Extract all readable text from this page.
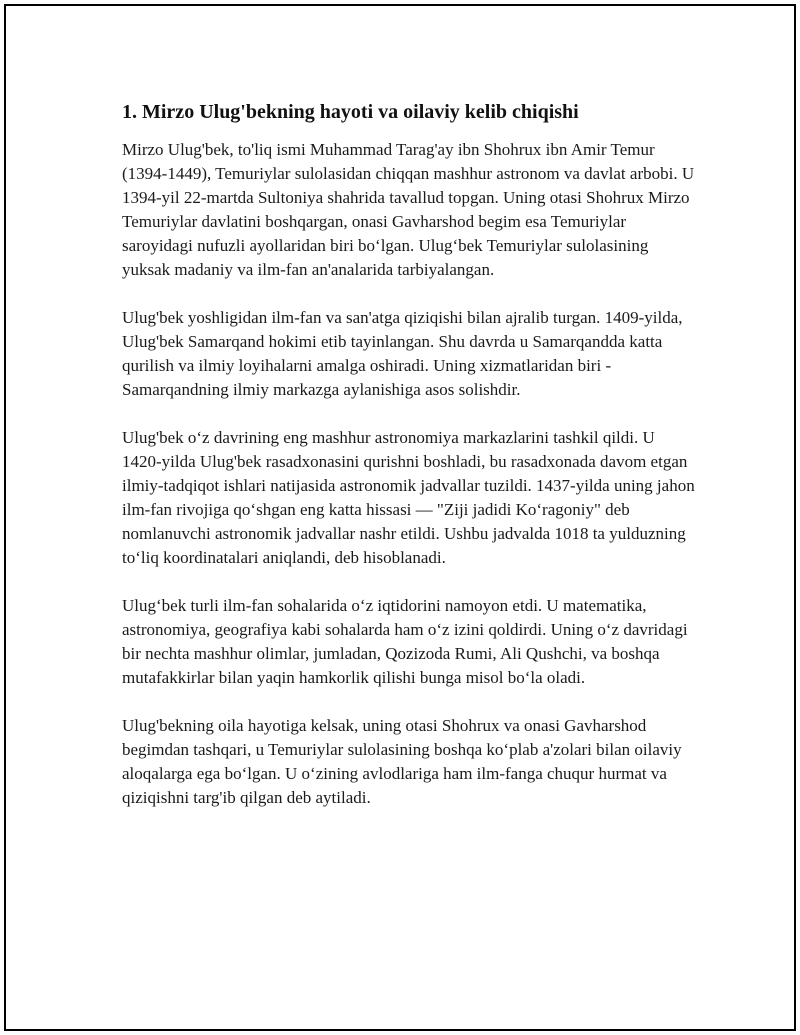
1. Mirzo Ulug'bekning hayoti va oilaviy kelib chiqishi

Mirzo Ulug'bek, to'liq ismi Muhammad Tarag'ay ibn Shohrux ibn Amir Temur (1394-1449), Temuriylar sulolasidan chiqqan mashhur astronom va davlat arbobi. U 1394-yil 22-martda Sultoniya shahrida tavallud topgan. Uning otasi Shohrux Mirzo Temuriylar davlatini boshqargan, onasi Gavharshod begim esa Temuriylar saroyidagi nufuzli ayollaridan biri bo‘lgan. Ulug‘bek Temuriylar sulolasining yuksak madaniy va ilm-fan an'analarida tarbiyalangan.

Ulug'bek yoshligidan ilm-fan va san'atga qiziqishi bilan ajralib turgan. 1409-yilda, Ulug'bek Samarqand hokimi etib tayinlangan. Shu davrda u Samarqandda katta qurilish va ilmiy loyihalarni amalga oshiradi. Uning xizmatlaridan biri - Samarqandning ilmiy markazga aylanishiga asos solishdir.

Ulug'bek o‘z davrining eng mashhur astronomiya markazlarini tashkil qildi. U 1420-yilda Ulug'bek rasadxonasini qurishni boshladi, bu rasadxonada davom etgan ilmiy-tadqiqot ishlari natijasida astronomik jadvallar tuzildi. 1437-yilda uning jahon ilm-fan rivojiga qo‘shgan eng katta hissasi — "Ziji jadidi Ko‘ragoniy" deb nomlanuvchi astronomik jadvallar nashr etildi. Ushbu jadvalda 1018 ta yulduzning to‘liq koordinatalari aniqlandi, deb hisoblanadi.

Ulug‘bek turli ilm-fan sohalarida o‘z iqtidorini namoyon etdi. U matematika, astronomiya, geografiya kabi sohalarda ham o‘z izini qoldirdi. Uning o‘z davridagi bir nechta mashhur olimlar, jumladan, Qozizoda Rumi, Ali Qushchi, va boshqa mutafakkirlar bilan yaqin hamkorlik qilishi bunga misol bo‘la oladi.

Ulug'bekning oila hayotiga kelsak, uning otasi Shohrux va onasi Gavharshod begimdan tashqari, u Temuriylar sulolasining boshqa ko‘plab a'zolari bilan oilaviy aloqalarga ega bo‘lgan. U o‘zining avlodlariga ham ilm-fanga chuqur hurmat va qiziqishni targ'ib qilgan deb aytiladi.
